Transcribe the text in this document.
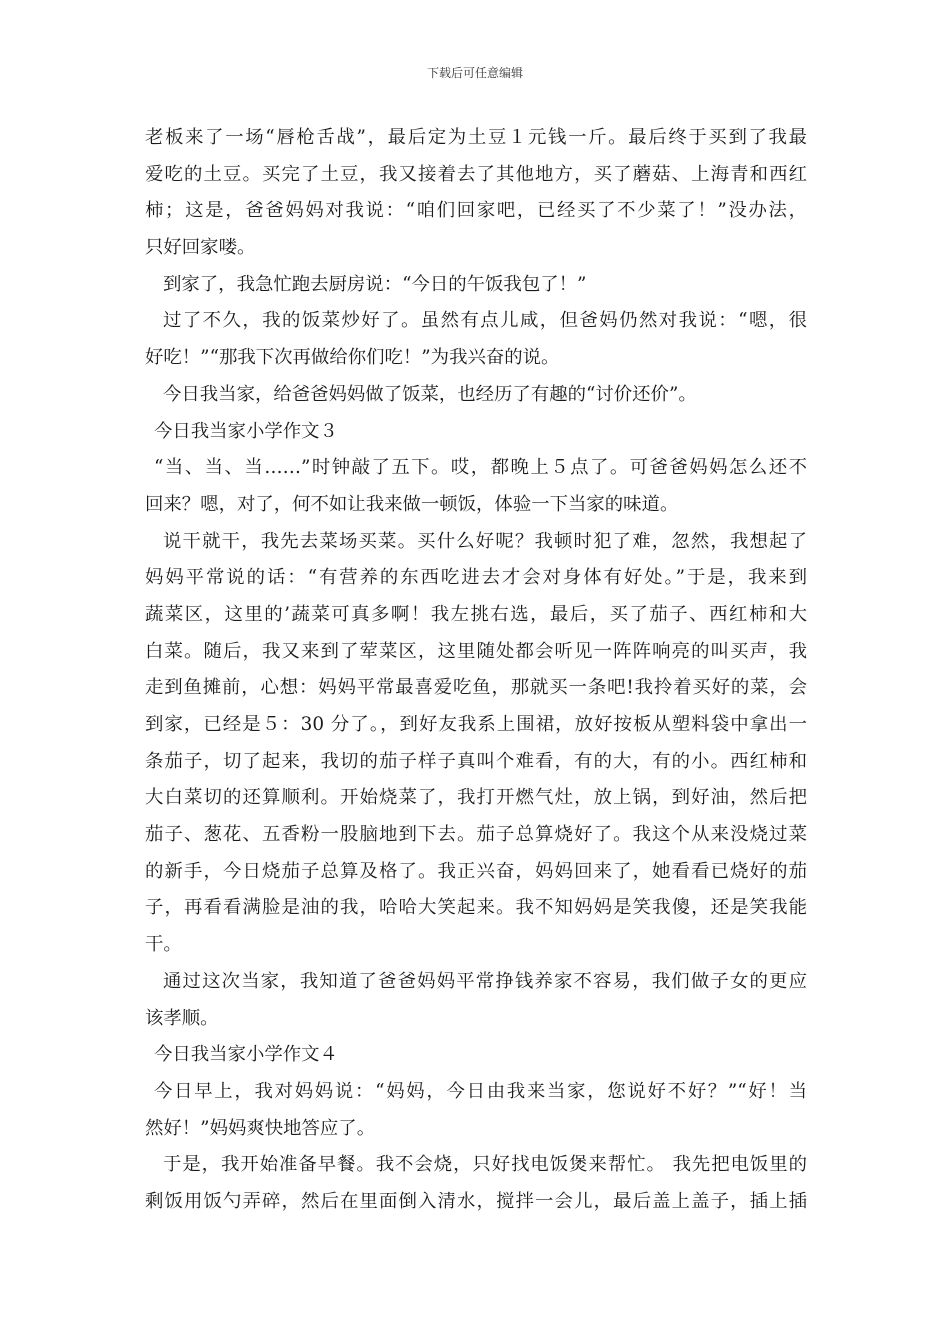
下载后可任意编辑
老板来了一场“唇枪舌战”，最后定为土豆１元钱一斤。最后终于买到了我最
爱吃的土豆。买完了土豆，我又接着去了其他地方，买了蘑菇、上海青和西红
柿；这是，爸爸妈妈对我说：“咱们回家吧，已经买了不少菜了！”没办法，
只好回家喽。
到家了，我急忙跑去厨房说：“今日的午饭我包了！”
过了不久，我的饭菜炒好了。虽然有点儿咸，但爸妈仍然对我说：“嗯，很
好吃！”“那我下次再做给你们吃！”为我兴奋的说。
今日我当家，给爸爸妈妈做了饭菜，也经历了有趣的“讨价还价”。
今日我当家小学作文３
“当、当、当……”时钟敲了五下。哎，都晚上５点了。可爸爸妈妈怎么还不
回来？嗯，对了，何不如让我来做一顿饭，体验一下当家的味道。
说干就干，我先去菜场买菜。买什么好呢？我顿时犯了难，忽然，我想起了
妈妈平常说的话：“有营养的东西吃进去才会对身体有好处。”于是，我来到
蔬菜区，这里的’蔬菜可真多啊！我左挑右选，最后，买了茄子、西红柿和大
白菜。随后，我又来到了荤菜区，这里随处都会听见一阵阵响亮的叫买声，我
走到鱼摊前，心想：妈妈平常最喜爱吃鱼，那就买一条吧!我拎着买好的菜，会
到家，已经是５：30 分了。，到好友我系上围裙，放好按板从塑料袋中拿出一
条茄子，切了起来，我切的茄子样子真叫个难看，有的大，有的小。西红柿和
大白菜切的还算顺利。开始烧菜了，我打开燃气灶，放上锅，到好油，然后把
茄子、葱花、五香粉一股脑地到下去。茄子总算烧好了。我这个从来没烧过菜
的新手，今日烧茄子总算及格了。我正兴奋，妈妈回来了，她看看已烧好的茄
子，再看看满脸是油的我，哈哈大笑起来。我不知妈妈是笑我傻，还是笑我能
干。
通过这次当家，我知道了爸爸妈妈平常挣钱养家不容易，我们做子女的更应
该孝顺。
今日我当家小学作文４
今日早上，我对妈妈说：“妈妈，今日由我来当家，您说好不好？”“好！当
然好！”妈妈爽快地答应了。
于是，我开始准备早餐。我不会烧，只好找电饭煲来帮忙。 我先把电饭里的
剩饭用饭勺弄碎，然后在里面倒入清水，搅拌一会儿，最后盖上盖子，插上插
